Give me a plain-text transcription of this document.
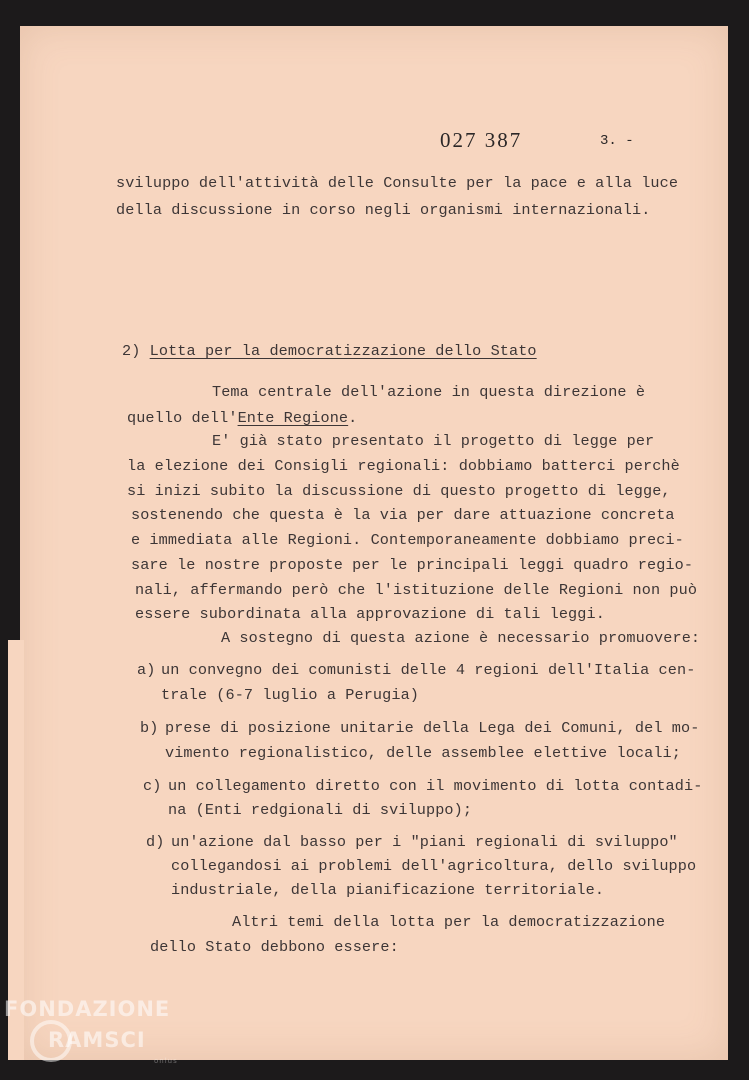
027 387	3. -
sviluppo dell'attività delle Consulte per la pace e alla luce
della discussione in corso negli organismi internazionali.
2) Lotta per la democratizzazione dello Stato
Tema centrale dell'azione in questa direzione è
quello dell'Ente Regione.
E' già stato presentato il progetto di legge per
la elezione dei Consigli regionali: dobbiamo batterci perchè
si inizi subito la discussione di questo progetto di legge,
sostenendo che questa è la via per dare attuazione concreta
e immediata alle Regioni. Contemporaneamente dobbiamo preci-
sare le nostre proposte per le principali leggi quadro regio-
nali, affermando però che l'istituzione delle Regioni non può
essere subordinata alla approvazione di tali leggi.
A sostegno di questa azione è necessario promuovere:
a) un convegno dei comunisti delle 4 regioni dell'Italia cen-
trale (6-7 luglio a Perugia)
b) prese di posizione unitarie della Lega dei Comuni, del mo-
vimento regionalistico, delle assemblee elettive locali;
c) un collegamento diretto con il movimento di lotta contadi-
na (Enti redgionali di sviluppo);
d) un'azione dal basso per i "piani regionali di sviluppo"
collegandosi ai problemi dell'agricoltura, dello sviluppo
industriale, della pianificazione territoriale.
Altri temi della lotta per la democratizzazione
dello Stato debbono essere:
FONDAZIONE
RAMSCI
onlus
